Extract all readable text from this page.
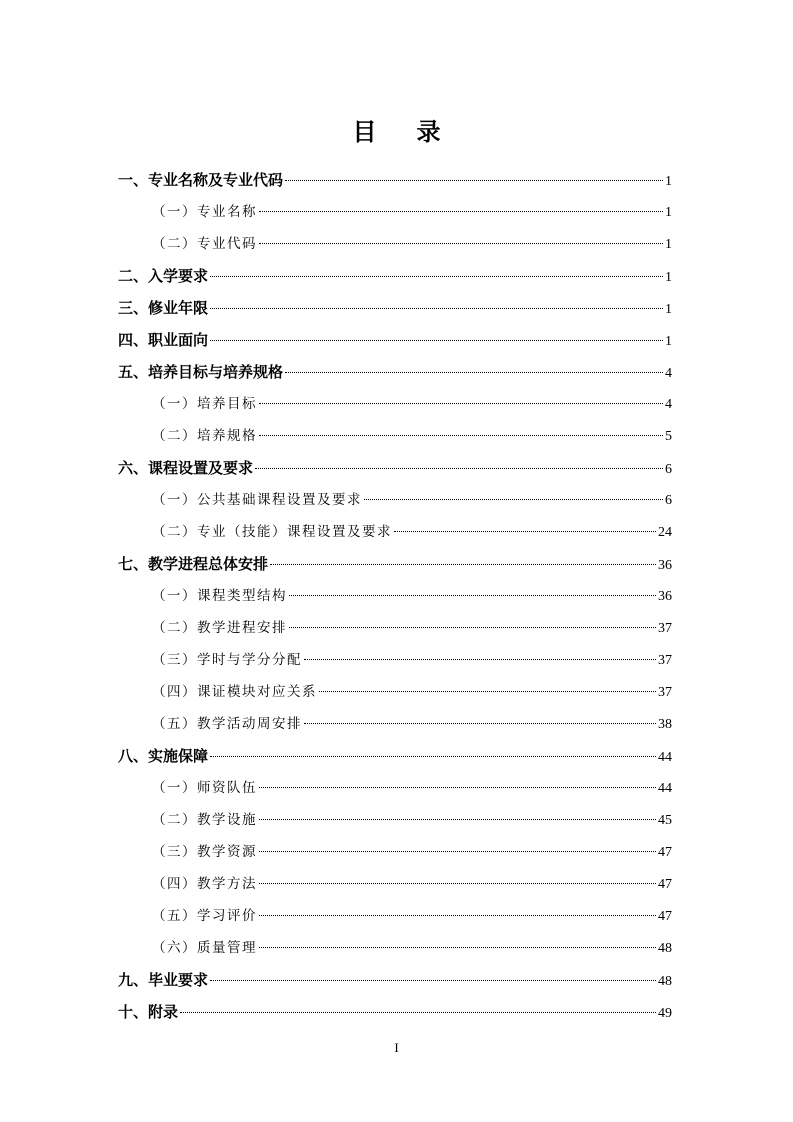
目 录
一、专业名称及专业代码	1
（一）专业名称	1
（二）专业代码	1
二、入学要求	1
三、修业年限	1
四、职业面向	1
五、培养目标与培养规格	4
（一）培养目标	4
（二）培养规格	5
六、课程设置及要求	6
（一）公共基础课程设置及要求	6
（二）专业（技能）课程设置及要求	24
七、教学进程总体安排	36
（一）课程类型结构	36
（二）教学进程安排	37
（三）学时与学分分配	37
（四）课证模块对应关系	37
（五）教学活动周安排	38
八、实施保障	44
（一）师资队伍	44
（二）教学设施	45
（三）教学资源	47
（四）教学方法	47
（五）学习评价	47
（六）质量管理	48
九、毕业要求	48
十、附录	49
I
